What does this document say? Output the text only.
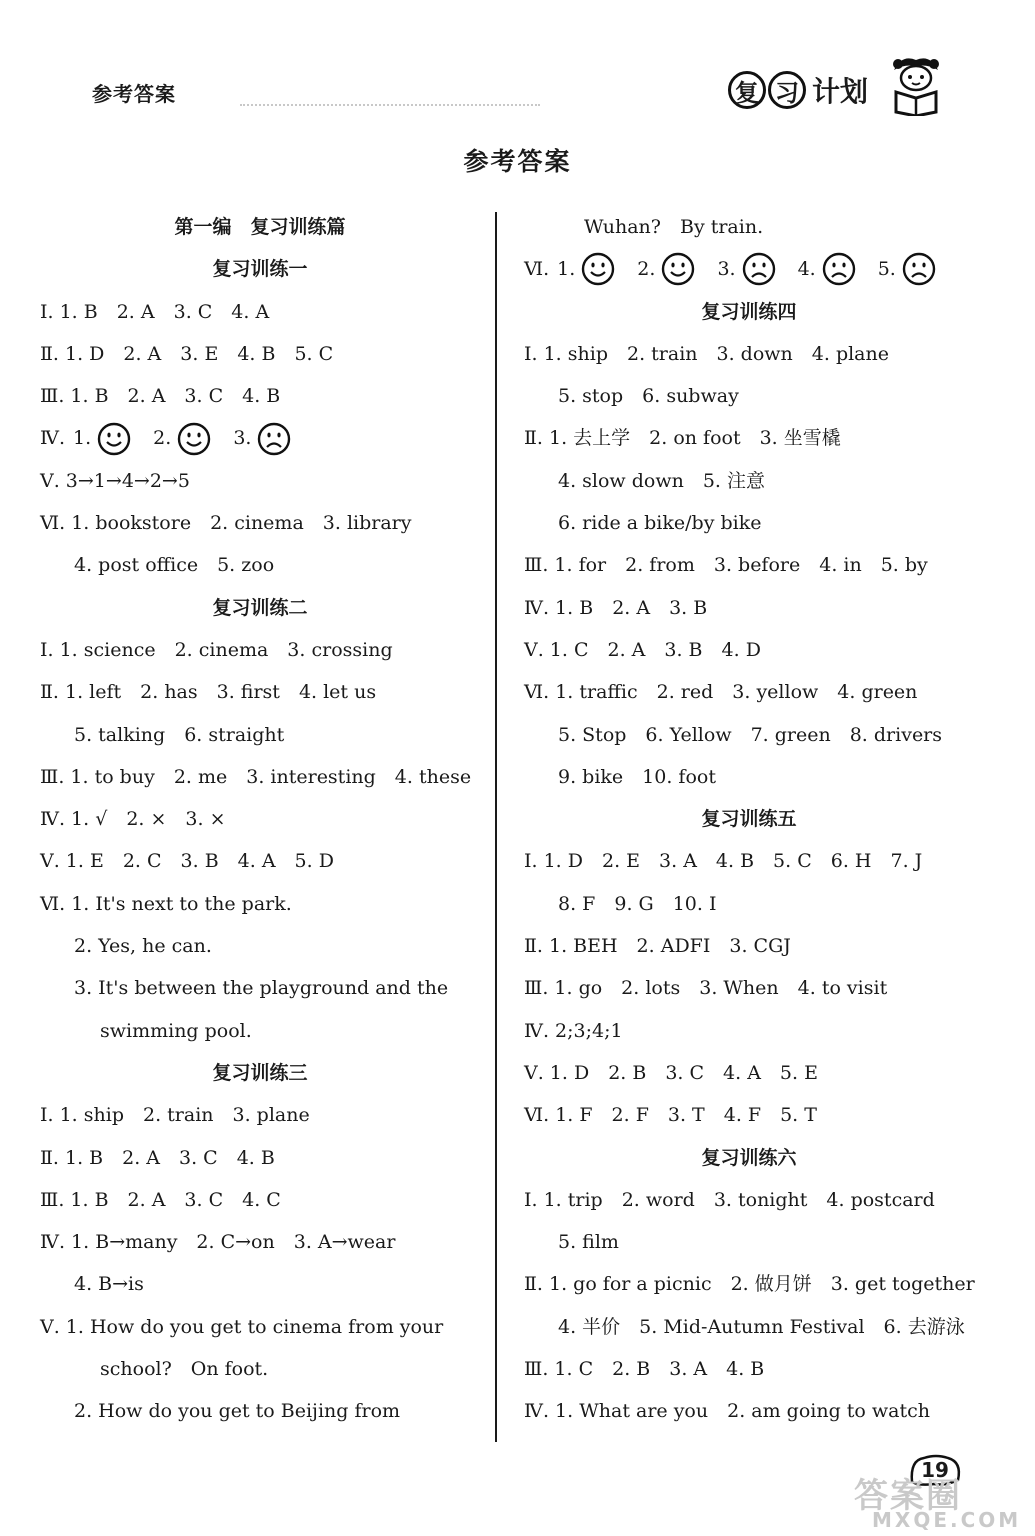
参考答案	复 习 计划
参考答案
第一编　复习训练篇
复习训练一
Ⅰ. 1. B　2. A　3. C　4. A
Ⅱ. 1. D　2. A　3. E　4. B　5. C
Ⅲ. 1. B　2. A　3. C　4. B
Ⅳ. 1.	2.	3.
Ⅴ. 3→1→4→2→5
Ⅵ. 1. bookstore　2. cinema　3. library
4. post office　5. zoo
复习训练二
Ⅰ. 1. science　2. cinema　3. crossing
Ⅱ. 1. left　2. has　3. first　4. let us
5. talking　6. straight
Ⅲ. 1. to buy　2. me　3. interesting　4. these
Ⅳ. 1. √　2. ×　3. ×
Ⅴ. 1. E　2. C　3. B　4. A　5. D
Ⅵ. 1. It's next to the park.
2. Yes, he can.
3. It's between the playground and the
swimming pool.
复习训练三
Ⅰ. 1. ship　2. train　3. plane
Ⅱ. 1. B　2. A　3. C　4. B
Ⅲ. 1. B　2. A　3. C　4. C
Ⅳ. 1. B→many　2. C→on　3. A→wear
4. B→is
Ⅴ. 1. How do you get to cinema from your
school?　On foot.
2. How do you get to Beijing from
Wuhan?　By train.
Ⅵ. 1.	2.	3.	4.	5.
复习训练四
Ⅰ. 1. ship　2. train　3. down　4. plane
5. stop　6. subway
Ⅱ. 1. 去上学　2. on foot　3. 坐雪橇
4. slow down　5. 注意
6. ride a bike/by bike
Ⅲ. 1. for　2. from　3. before　4. in　5. by
Ⅳ. 1. B　2. A　3. B
Ⅴ. 1. C　2. A　3. B　4. D
Ⅵ. 1. traffic　2. red　3. yellow　4. green
5. Stop　6. Yellow　7. green　8. drivers
9. bike　10. foot
复习训练五
Ⅰ. 1. D　2. E　3. A　4. B　5. C　6. H　7. J
8. F　9. G　10. I
Ⅱ. 1. BEH　2. ADFI　3. CGJ
Ⅲ. 1. go　2. lots　3. When　4. to visit
Ⅳ. 2;3;4;1
Ⅴ. 1. D　2. B　3. C　4. A　5. E
Ⅵ. 1. F　2. F　3. T　4. F　5. T
复习训练六
Ⅰ. 1. trip　2. word　3. tonight　4. postcard
5. film
Ⅱ. 1. go for a picnic　2. 做月饼　3. get together
4. 半价　5. Mid-Autumn Festival　6. 去游泳
Ⅲ. 1. C　2. B　3. A　4. B
Ⅳ. 1. What are you　2. am going to watch
19
答案圈
MXQE.COM
